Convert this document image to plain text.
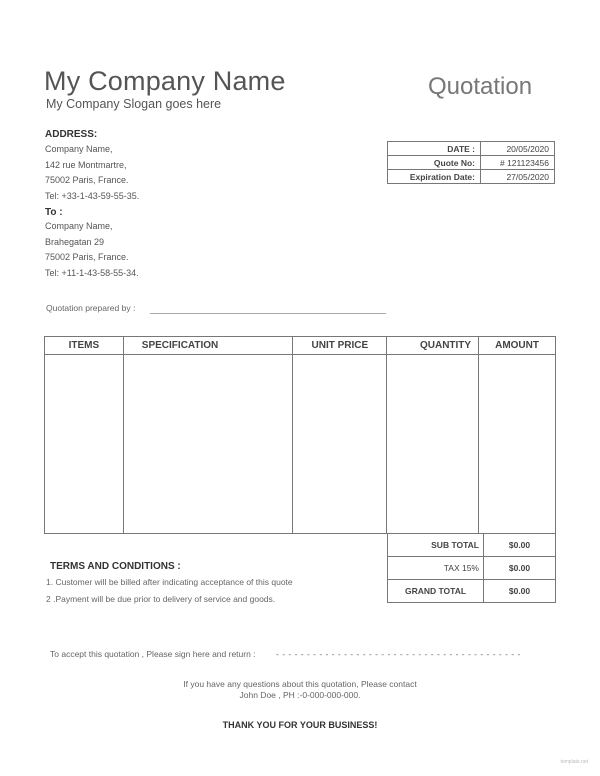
My Company Name
My Company Slogan goes here
Quotation
ADDRESS:
Company Name,
142 rue Montmartre,
75002 Paris, France.
Tel: +33-1-43-59-55-35.
To :
Company Name,
Brahegatan 29
75002 Paris, France.
Tel: +11-1-43-58-55-34.
DATE :	20/05/2020
Quote No:	# 121123456
Expiration Date:	27/05/2020
Quotation prepared by :
ITEMS	SPECIFICATION	UNIT PRICE	QUANTITY	AMOUNT

SUB TOTAL	$0.00
TAX 15%	$0.00
GRAND TOTAL	$0.00
TERMS AND CONDITIONS :
1. Customer will be billed after indicating acceptance of this quote
2 .Payment will be due prior to delivery of service and goods.
To accept this quotation , Please sign here and return : - - - - - - - - - - - - - - - - - - - - - - - - - - - - - - - - - - - - - - - -
If you have any questions about this quotation, Please contact
John Doe , PH :-0-000-000-000.
THANK YOU FOR YOUR BUSINESS!
template.net
